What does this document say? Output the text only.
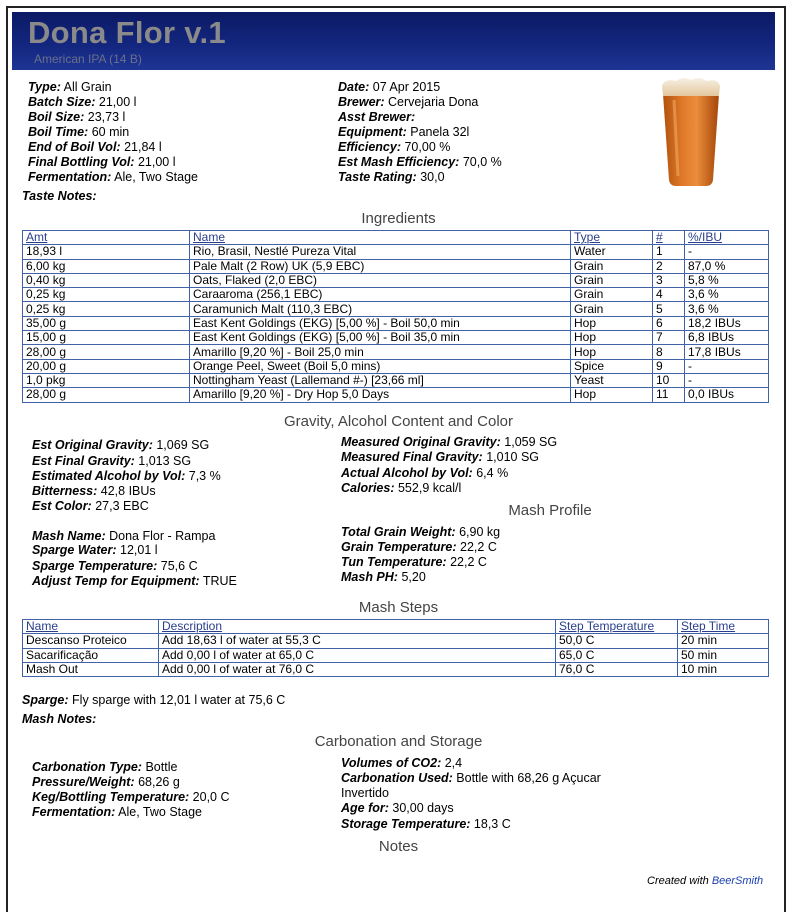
Dona Flor v.1
American IPA (14 B)
Type: All Grain
Batch Size: 21,00 l
Boil Size: 23,73 l
Boil Time: 60 min
End of Boil Vol: 21,84 l
Final Bottling Vol: 21,00 l
Fermentation: Ale, Two Stage
Date: 07 Apr 2015
Brewer: Cervejaria Dona
Asst Brewer:
Equipment: Panela 32l
Efficiency: 70,00 %
Est Mash Efficiency: 70,0 %
Taste Rating: 30,0
Taste Notes:
Ingredients
Amt	Name	Type	#	%/IBU
18,93 l	Rio, Brasil, Nestlé Pureza Vital	Water	1	-
6,00 kg	Pale Malt (2 Row) UK (5,9 EBC)	Grain	2	87,0 %
0,40 kg	Oats, Flaked (2,0 EBC)	Grain	3	5,8 %
0,25 kg	Caraaroma (256,1 EBC)	Grain	4	3,6 %
0,25 kg	Caramunich Malt (110,3 EBC)	Grain	5	3,6 %
35,00 g	East Kent Goldings (EKG) [5,00 %] - Boil 50,0 min	Hop	6	18,2 IBUs
15,00 g	East Kent Goldings (EKG) [5,00 %] - Boil 35,0 min	Hop	7	6,8 IBUs
28,00 g	Amarillo [9,20 %] - Boil 25,0 min	Hop	8	17,8 IBUs
20,00 g	Orange Peel, Sweet (Boil 5,0 mins)	Spice	9	-
1,0 pkg	Nottingham Yeast (Lallemand #-) [23,66 ml]	Yeast	10	-
28,00 g	Amarillo [9,20 %] - Dry Hop 5,0 Days	Hop	11	0,0 IBUs
Gravity, Alcohol Content and Color
Est Original Gravity: 1,069 SG
Est Final Gravity: 1,013 SG
Estimated Alcohol by Vol: 7,3 %
Bitterness: 42,8 IBUs
Est Color: 27,3 EBC
Measured Original Gravity: 1,059 SG
Measured Final Gravity: 1,010 SG
Actual Alcohol by Vol: 6,4 %
Calories: 552,9 kcal/l
Mash Profile
Mash Name: Dona Flor - Rampa
Sparge Water: 12,01 l
Sparge Temperature: 75,6 C
Adjust Temp for Equipment: TRUE
Total Grain Weight: 6,90 kg
Grain Temperature: 22,2 C
Tun Temperature: 22,2 C
Mash PH: 5,20
Mash Steps
Name	Description	Step Temperature	Step Time
Descanso Proteico	Add 18,63 l of water at 55,3 C	50,0 C	20 min
Sacarificação	Add 0,00 l of water at 65,0 C	65,0 C	50 min
Mash Out	Add 0,00 l of water at 76,0 C	76,0 C	10 min
Sparge: Fly sparge with 12,01 l water at 75,6 C
Mash Notes:
Carbonation and Storage
Carbonation Type: Bottle
Pressure/Weight: 68,26 g
Keg/Bottling Temperature: 20,0 C
Fermentation: Ale, Two Stage
Volumes of CO2: 2,4
Carbonation Used: Bottle with 68,26 g Açucar
Invertido
Age for: 30,00 days
Storage Temperature: 18,3 C
Notes
Created with BeerSmith
